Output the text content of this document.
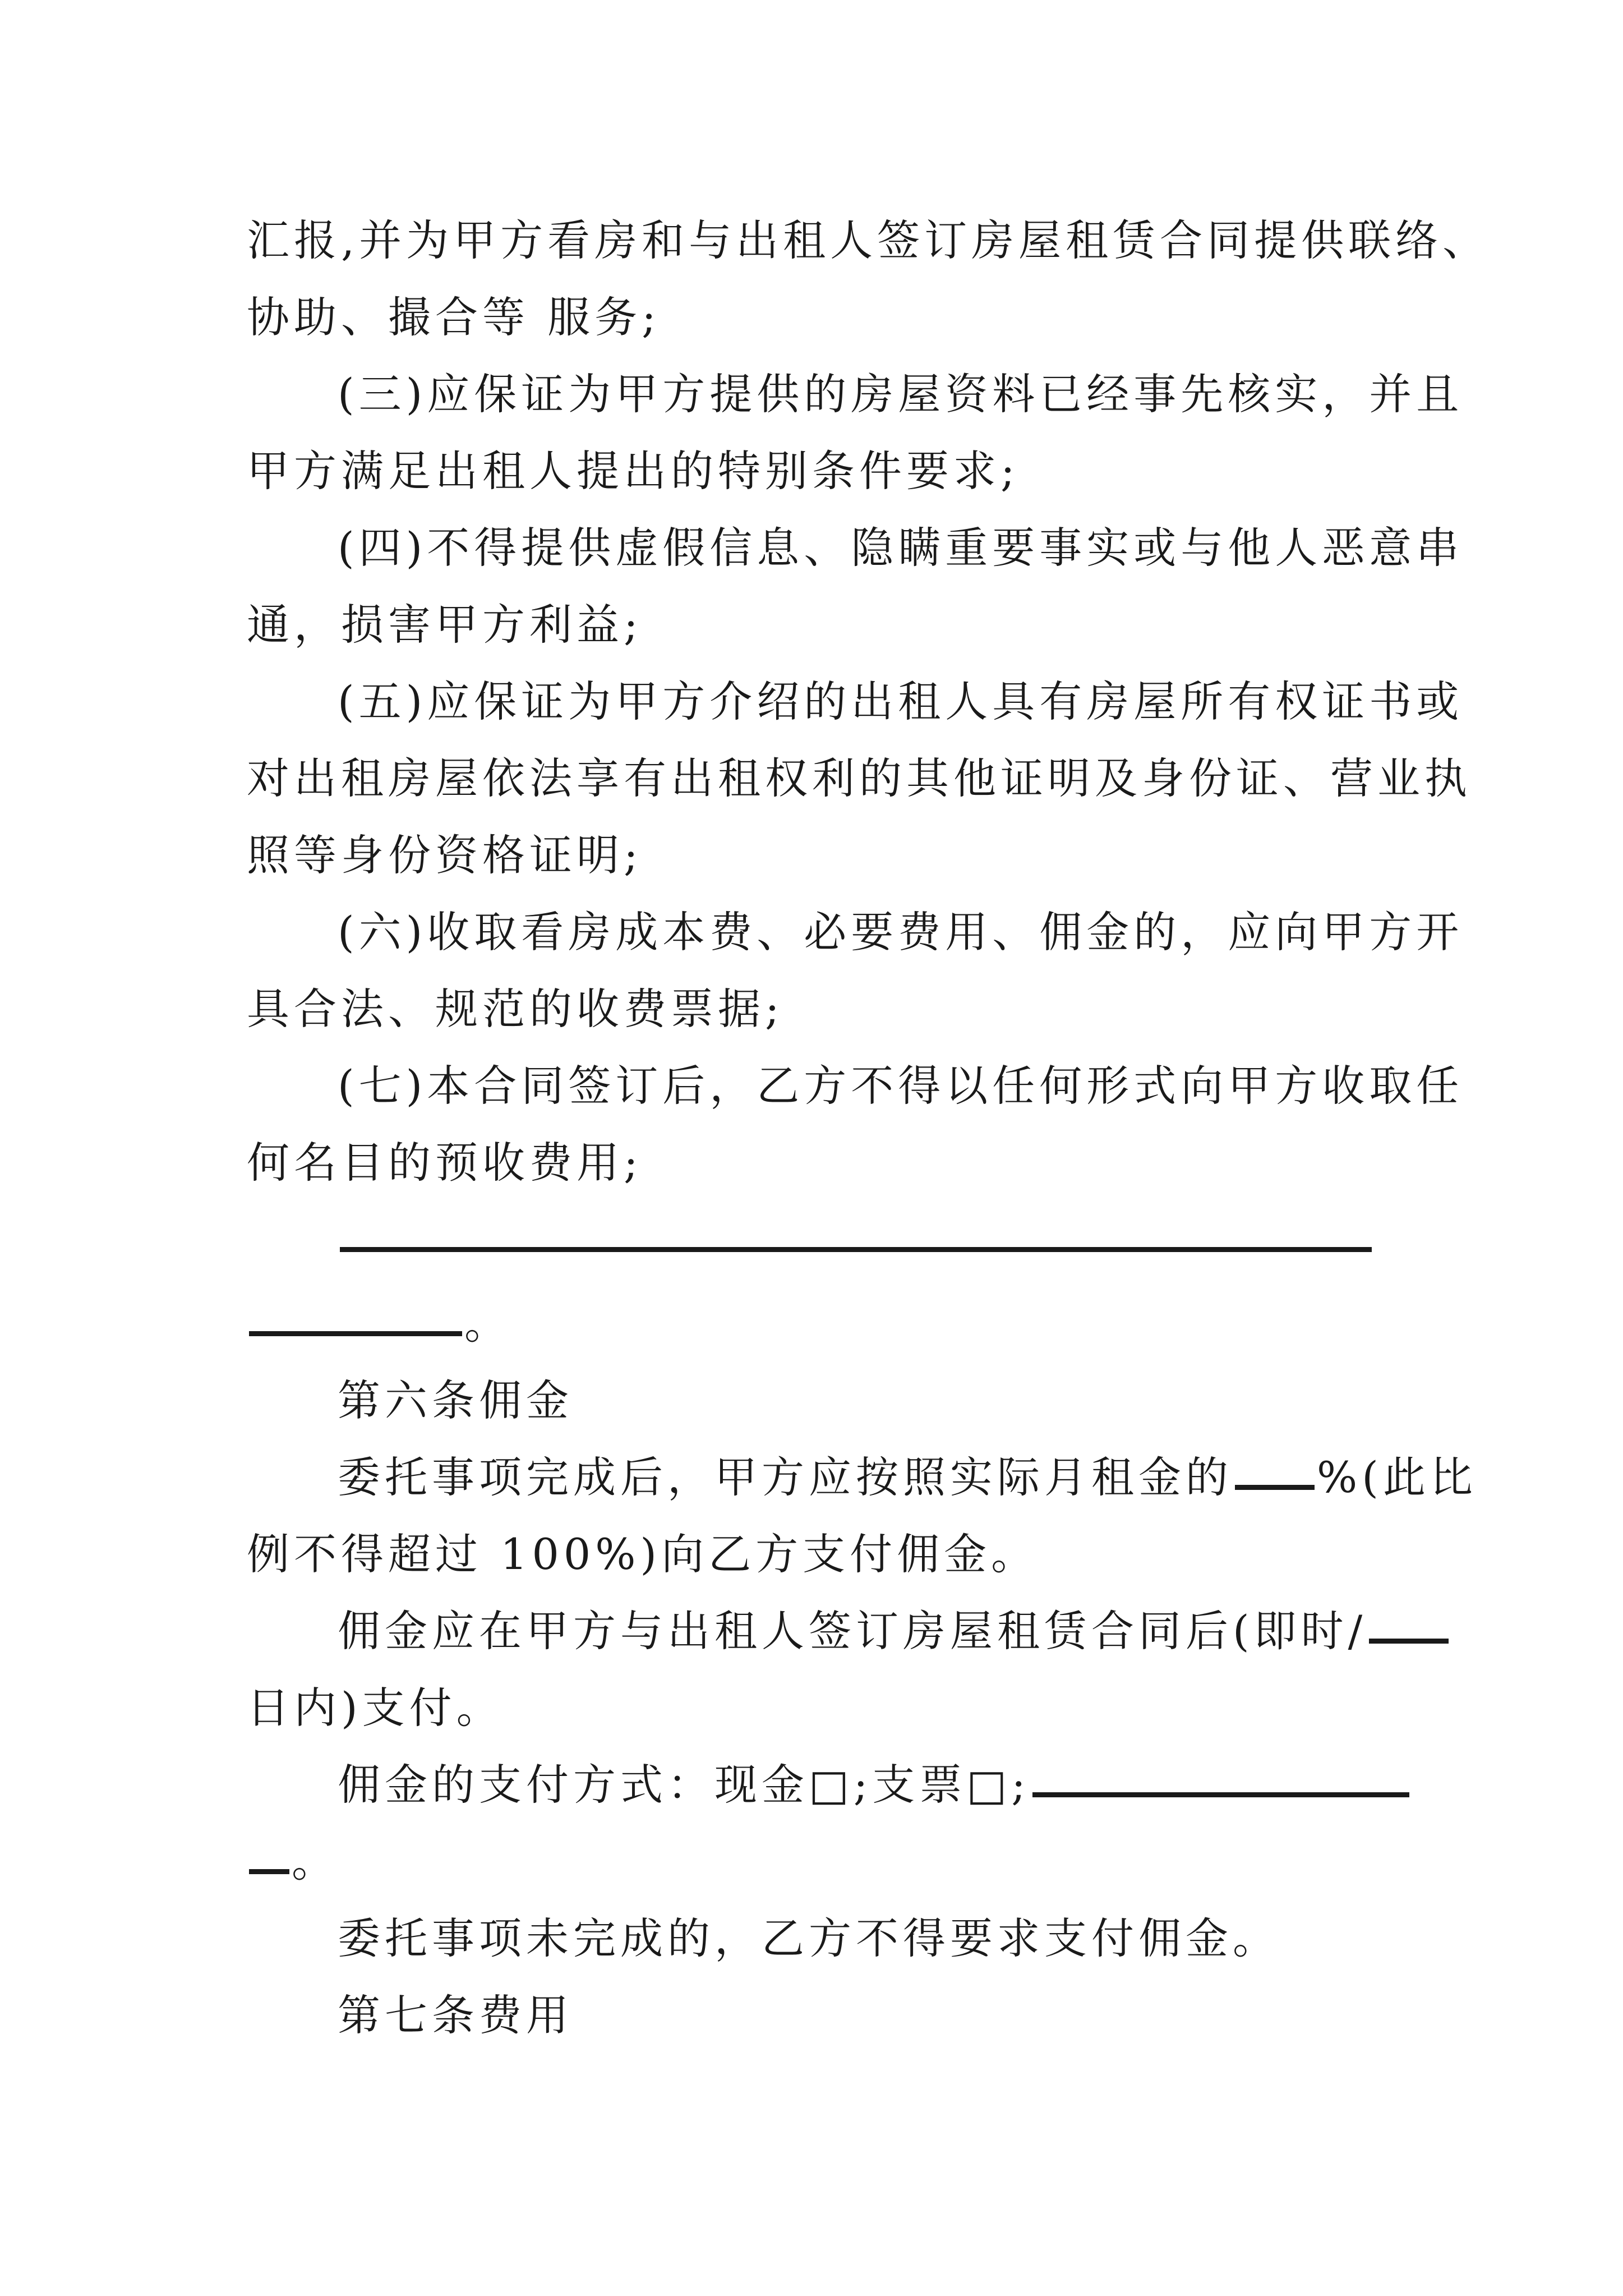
汇报,并为甲方看房和与出租人签订房屋租赁合同提供联络、
协助、撮合等 服务;
(三)应保证为甲方提供的房屋资料已经事先核实，并且
甲方满足出租人提出的特别条件要求;
(四)不得提供虚假信息、隐瞒重要事实或与他人恶意串
通，损害甲方利益;
(五)应保证为甲方介绍的出租人具有房屋所有权证书或
对出租房屋依法享有出租权利的其他证明及身份证、营业执
照等身份资格证明;
(六)收取看房成本费、必要费用、佣金的，应向甲方开
具合法、规范的收费票据;
(七)本合同签订后，乙方不得以任何形式向甲方收取任
何名目的预收费用;
。
第六条佣金
委托事项完成后，甲方应按照实际月租金的 %(此比
例不得超过 100%)向乙方支付佣金。
佣金应在甲方与出租人签订房屋租赁合同后(即时/
日内)支付。
佣金的支付方式：现金□;支票□;
。
委托事项未完成的，乙方不得要求支付佣金。
第七条费用
